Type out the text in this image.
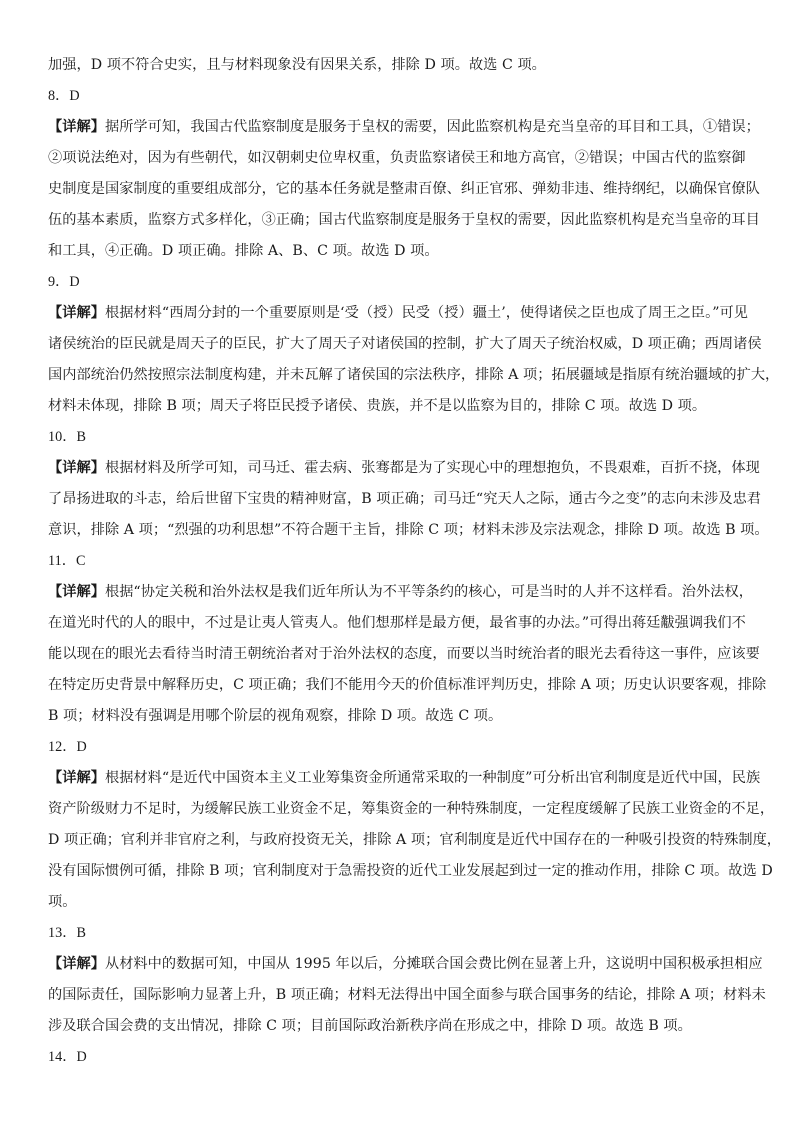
加强，D 项不符合史实，且与材料现象没有因果关系，排除 D 项。故选 C 项。
8．D
【详解】据所学可知，我国古代监察制度是服务于皇权的需要，因此监察机构是充当皇帝的耳目和工具，①错误；
②项说法绝对，因为有些朝代，如汉朝刺史位卑权重，负责监察诸侯王和地方高官，②错误；中国古代的监察御
史制度是国家制度的重要组成部分，它的基本任务就是整肃百僚、纠正官邪、弹劾非违、维持纲纪，以确保官僚队
伍的基本素质，监察方式多样化，③正确；国古代监察制度是服务于皇权的需要，因此监察机构是充当皇帝的耳目
和工具，④正确。D 项正确。排除 A、B、C 项。故选 D 项。
9．D
【详解】根据材料“西周分封的一个重要原则是‘受（授）民受（授）疆土’，使得诸侯之臣也成了周王之臣。”可见
诸侯统治的臣民就是周天子的臣民，扩大了周天子对诸侯国的控制，扩大了周天子统治权威，D 项正确；西周诸侯
国内部统治仍然按照宗法制度构建，并未瓦解了诸侯国的宗法秩序，排除 A 项；拓展疆域是指原有统治疆域的扩大，
材料未体现，排除 B 项；周天子将臣民授予诸侯、贵族，并不是以监察为目的，排除 C 项。故选 D 项。
10．B
【详解】根据材料及所学可知，司马迁、霍去病、张骞都是为了实现心中的理想抱负，不畏艰难，百折不挠，体现
了昂扬进取的斗志，给后世留下宝贵的精神财富，B 项正确；司马迁“究天人之际，通古今之变”的志向未涉及忠君
意识，排除 A 项；“烈强的功利思想”不符合题干主旨，排除 C 项；材料未涉及宗法观念，排除 D 项。故选 B 项。
11．C
【详解】根据“协定关税和治外法权是我们近年所认为不平等条约的核心，可是当时的人并不这样看。治外法权，
在道光时代的人的眼中，不过是让夷人管夷人。他们想那样是最方便，最省事的办法。”可得出蒋廷黻强调我们不
能以现在的眼光去看待当时清王朝统治者对于治外法权的态度，而要以当时统治者的眼光去看待这一事件，应该要
在特定历史背景中解释历史，C 项正确；我们不能用今天的价值标准评判历史，排除 A 项；历史认识要客观，排除
B 项；材料没有强调是用哪个阶层的视角观察，排除 D 项。故选 C 项。
12．D
【详解】根据材料“是近代中国资本主义工业筹集资金所通常采取的一种制度”可分析出官利制度是近代中国，民族
资产阶级财力不足时，为缓解民族工业资金不足，筹集资金的一种特殊制度，一定程度缓解了民族工业资金的不足，
D 项正确；官利并非官府之利，与政府投资无关，排除 A 项；官利制度是近代中国存在的一种吸引投资的特殊制度，
没有国际惯例可循，排除 B 项；官利制度对于急需投资的近代工业发展起到过一定的推动作用，排除 C 项。故选 D
项。
13．B
【详解】从材料中的数据可知，中国从 1995 年以后，分摊联合国会费比例在显著上升，这说明中国积极承担相应
的国际责任，国际影响力显著上升，B 项正确；材料无法得出中国全面参与联合国事务的结论，排除 A 项；材料未
涉及联合国会费的支出情况，排除 C 项；目前国际政治新秩序尚在形成之中，排除 D 项。故选 B 项。
14．D
